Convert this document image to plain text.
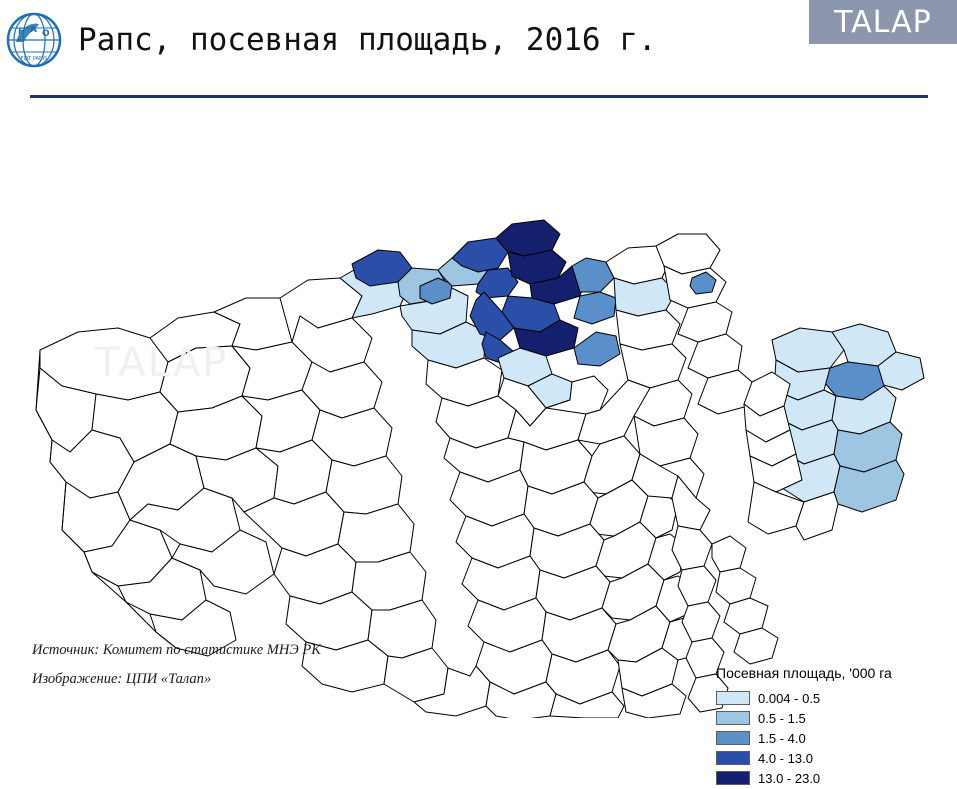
F A O
FIAT PANIS
Рапс, посевная площадь, 2016 г.	TALAP
TALAP
Посевная площадь, '000 га
0.004 - 0.5
0.5 - 1.5
1.5 - 4.0
4.0 - 13.0
13.0 - 23.0
Источник: Комитет по статистике МНЭ РК
Изображение: ЦПИ «Талап»
